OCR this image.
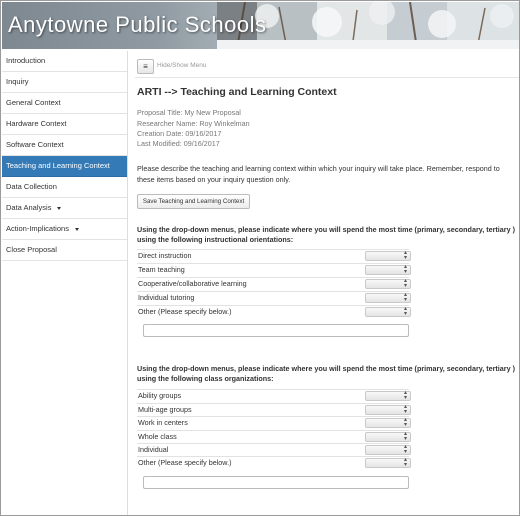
Anytowne Public Schools
Introduction
Inquiry
General Context
Hardware Context
Software Context
Teaching and Learning Context
Data Collection
Data Analysis
Action-Implications
Close Proposal
≡	Hide/Show Menu
ARTI --> Teaching and Learning Context
Proposal Title: My New Proposal
Researcher Name: Roy Winkelman
Creation Date: 09/16/2017
Last Modified: 09/16/2017
Please describe the teaching and learning context within which your inquiry will take place. Remember, respond to these items based on your inquiry question only.
Save Teaching and Learning Context
Using the drop-down menus, please indicate where you will spend the most time (primary, secondary, tertiary ) using the following instructional orientations:
Direct instruction	▴
▾
Team teaching	▴
▾
Cooperative/collaborative learning	▴
▾
Individual tutoring	▴
▾
Other (Please specify below.)	▴
▾
Using the drop-down menus, please indicate where you will spend the most time (primary, secondary, tertiary ) using the following class organizations:
Ability groups	▴
▾
Multi-age groups	▴
▾
Work in centers	▴
▾
Whole class	▴
▾
Individual	▴
▾
Other (Please specify below.)	▴
▾
